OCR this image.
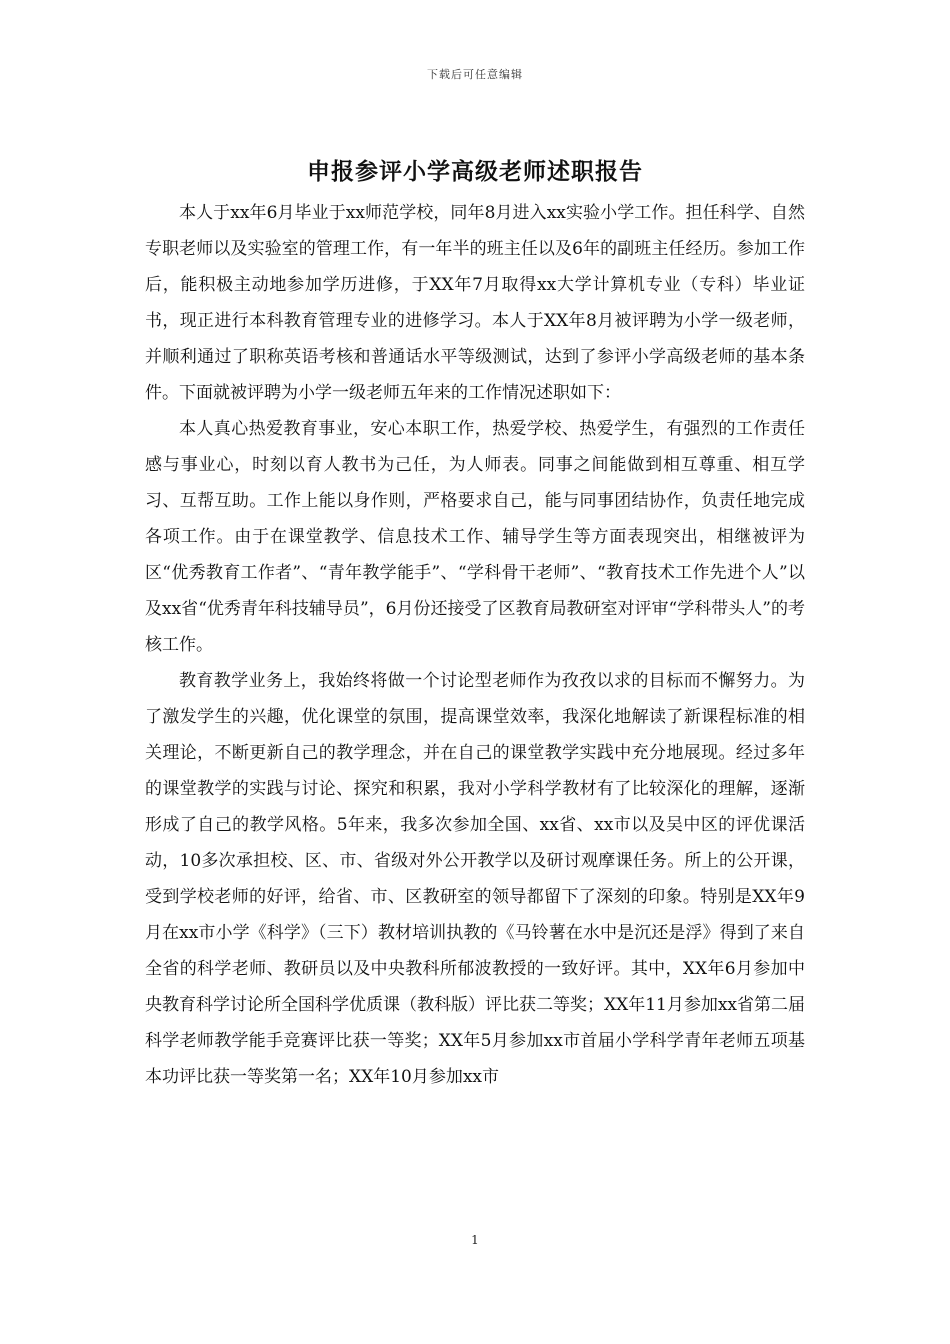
下载后可任意编辑
申报参评小学高级老师述职报告

本人于xx年6月毕业于xx师范学校，同年8月进入xx实验小学工作。担任科学、自然专职老师以及实验室的管理工作，有一年半的班主任以及6年的副班主任经历。参加工作后，能积极主动地参加学历进修，于XX年7月取得xx大学计算机专业（专科）毕业证书，现正进行本科教育管理专业的进修学习。本人于XX年8月被评聘为小学一级老师，并顺利通过了职称英语考核和普通话水平等级测试，达到了参评小学高级老师的基本条件。下面就被评聘为小学一级老师五年来的工作情况述职如下：

本人真心热爱教育事业，安心本职工作，热爱学校、热爱学生，有强烈的工作责任感与事业心，时刻以育人教书为己任，为人师表。同事之间能做到相互尊重、相互学习、互帮互助。工作上能以身作则，严格要求自己，能与同事团结协作，负责任地完成各项工作。由于在课堂教学、信息技术工作、辅导学生等方面表现突出，相继被评为区“优秀教育工作者”、“青年教学能手”、“学科骨干老师”、“教育技术工作先进个人”以及xx省“优秀青年科技辅导员”，6月份还接受了区教育局教研室对评审“学科带头人”的考核工作。

教育教学业务上，我始终将做一个讨论型老师作为孜孜以求的目标而不懈努力。为了激发学生的兴趣，优化课堂的氛围，提高课堂效率，我深化地解读了新课程标准的相关理论，不断更新自己的教学理念，并在自己的课堂教学实践中充分地展现。经过多年的课堂教学的实践与讨论、探究和积累，我对小学科学教材有了比较深化的理解，逐渐形成了自己的教学风格。5年来，我多次参加全国、xx省、xx市以及吴中区的评优课活动，10多次承担校、区、市、省级对外公开教学以及研讨观摩课任务。所上的公开课，受到学校老师的好评，给省、市、区教研室的领导都留下了深刻的印象。特别是XX年9月在xx市小学《科学》（三下）教材培训执教的《马铃薯在水中是沉还是浮》得到了来自全省的科学老师、教研员以及中央教科所郁波教授的一致好评。其中，XX年6月参加中央教育科学讨论所全国科学优质课（教科版）评比获二等奖；XX年11月参加xx省第二届科学老师教学能手竞赛评比获一等奖；XX年5月参加xx市首届小学科学青年老师五项基本功评比获一等奖第一名；XX年10月参加xx市

1
